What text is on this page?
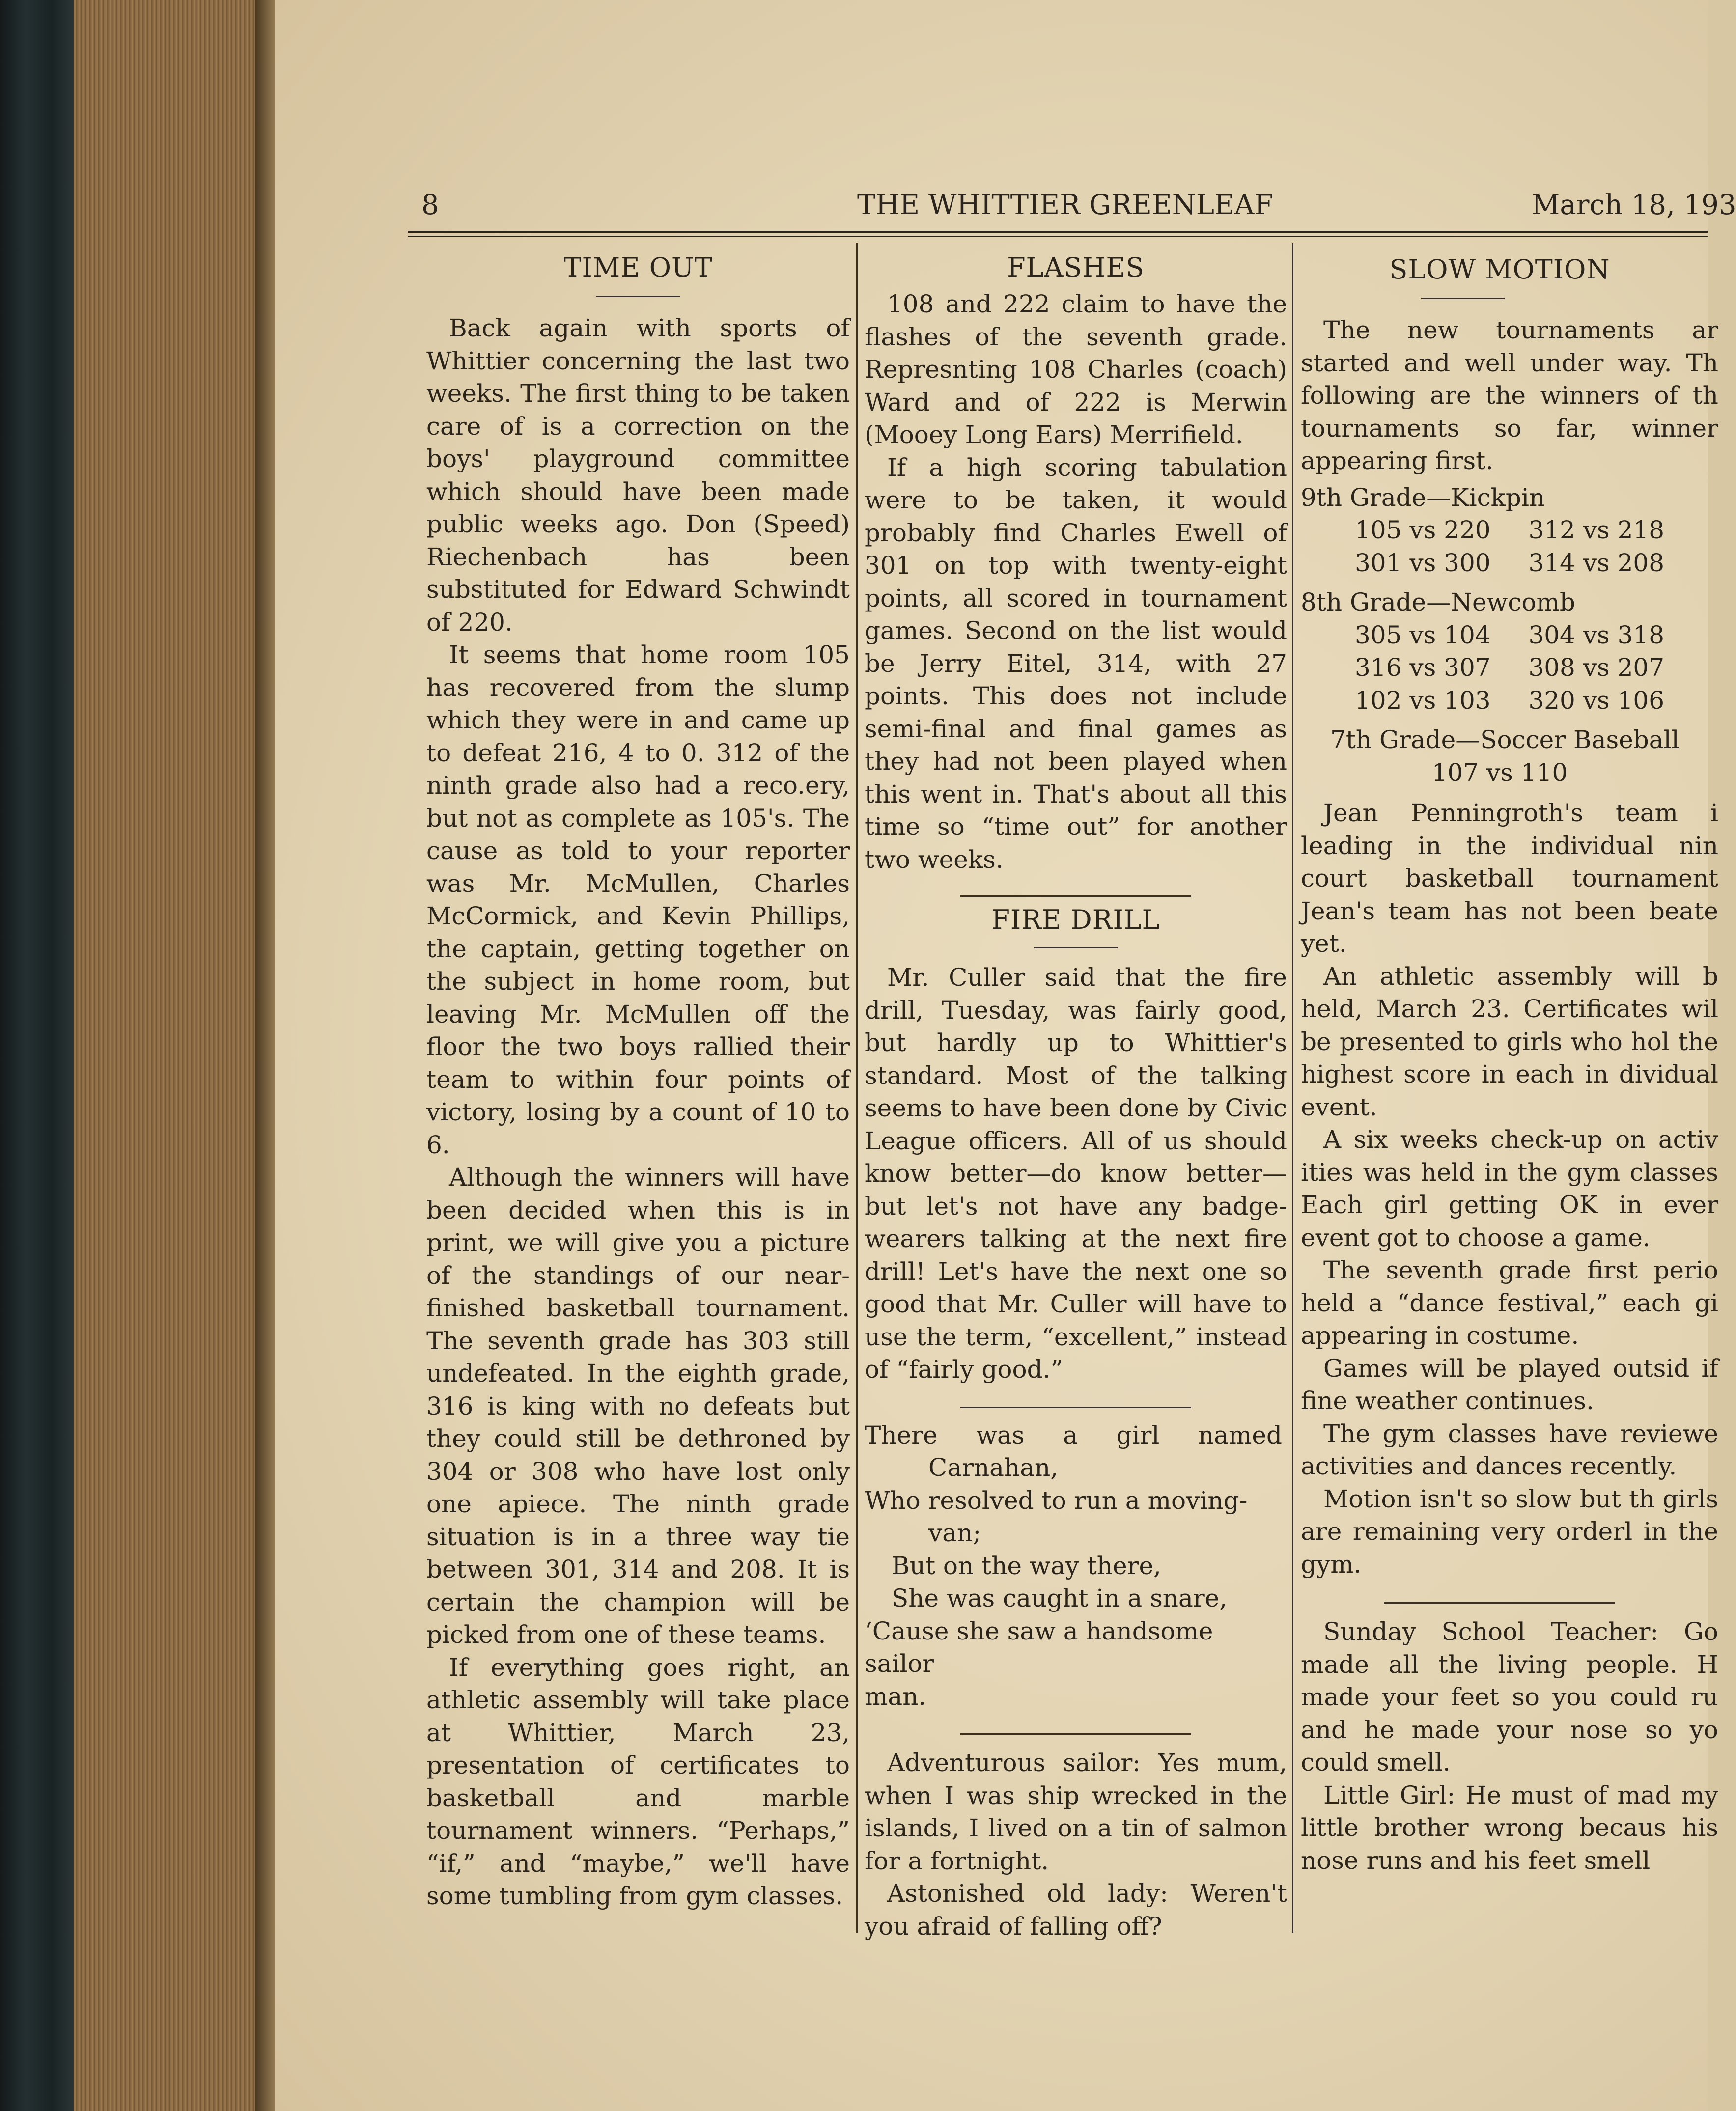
8	THE WHITTIER GREENLEAF	March 18, 193
TIME OUT

Back again with sports of Whittier concerning the last two weeks. The first thing to be taken care of is a correction on the boys' playground committee which should have been made public weeks ago. Don (Speed) Riechenbach has been substituted for Edward Schwindt of 220.

It seems that home room 105 has recovered from the slump which they were in and came up to defeat 216, 4 to 0. 312 of the ninth grade also had a reco.ery, but not as complete as 105's. The cause as told to your reporter was Mr. McMullen, Charles McCormick, and Kevin Phillips, the captain, getting together on the subject in home room, but leaving Mr. McMullen off the floor the two boys rallied their team to within four points of victory, losing by a count of 10 to 6.

Although the winners will have been decided when this is in print, we will give you a picture of the standings of our near-finished basketball tournament. The seventh grade has 303 still undefeated. In the eighth grade, 316 is king with no defeats but they could still be dethroned by 304 or 308 who have lost only one apiece. The ninth grade situation is in a three way tie between 301, 314 and 208. It is certain the champion will be picked from one of these teams.

If everything goes right, an athletic assembly will take place at Whittier, March 23, presentation of certificates to basketball and marble tournament winners. “Perhaps,” “if,” and “maybe,” we'll have some tumbling from gym classes.

FLASHES

108 and 222 claim to have the flashes of the seventh grade. Represnting 108 Charles (coach) Ward and of 222 is Merwin (Mooey Long Ears) Merrifield.

If a high scoring tabulation were to be taken, it would probably find Charles Ewell of 301 on top with twenty-eight points, all scored in tournament games. Second on the list would be Jerry Eitel, 314, with 27 points. This does not include semi-final and final games as they had not been played when this went in. That's about all this time so “time out” for another two weeks.

FIRE DRILL

Mr. Culler said that the fire drill, Tuesday, was fairly good, but hardly up to Whittier's standard. Most of the talking seems to have been done by Civic League officers. All of us should know better—do know better—but let's not have any badge-wearers talking at the next fire drill! Let's have the next one so good that Mr. Culler will have to use the term, “excellent,” instead of “fairly good.”

There was a girl named

Carnahan,

Who resolved to run a moving-

van;

But on the way there,

She was caught in a snare,

‘Cause she saw a handsome sailor

man.

Adventurous sailor: Yes mum, when I was ship wrecked in the islands, I lived on a tin of salmon for a fortnight.

Astonished old lady: Weren't you afraid of falling off?

SLOW MOTION

The new tournaments ar started and well under way. Th following are the winners of th tournaments so far, winner appearing first.

9th Grade—Kickpin

105 vs 220 312 vs 218
301 vs 300 314 vs 208

8th Grade—Newcomb

305 vs 104 304 vs 318
316 vs 307 308 vs 207
102 vs 103 320 vs 106

7th Grade—Soccer Baseball

107 vs 110

Jean Penningroth's team i leading in the individual nin court basketball tournament Jean's team has not been beate yet.

An athletic assembly will b held, March 23. Certificates wil be presented to girls who hol the highest score in each in dividual event.

A six weeks check-up on activ ities was held in the gym classes Each girl getting OK in ever event got to choose a game.

The seventh grade first perio held a “dance festival,” each gi appearing in costume.

Games will be played outsid if fine weather continues.

The gym classes have reviewe activities and dances recently.

Motion isn't so slow but th girls are remaining very orderl in the gym.

Sunday School Teacher: Go made all the living people. H made your feet so you could ru and he made your nose so yo could smell.

Little Girl: He must of mad my little brother wrong becaus his nose runs and his feet smell
